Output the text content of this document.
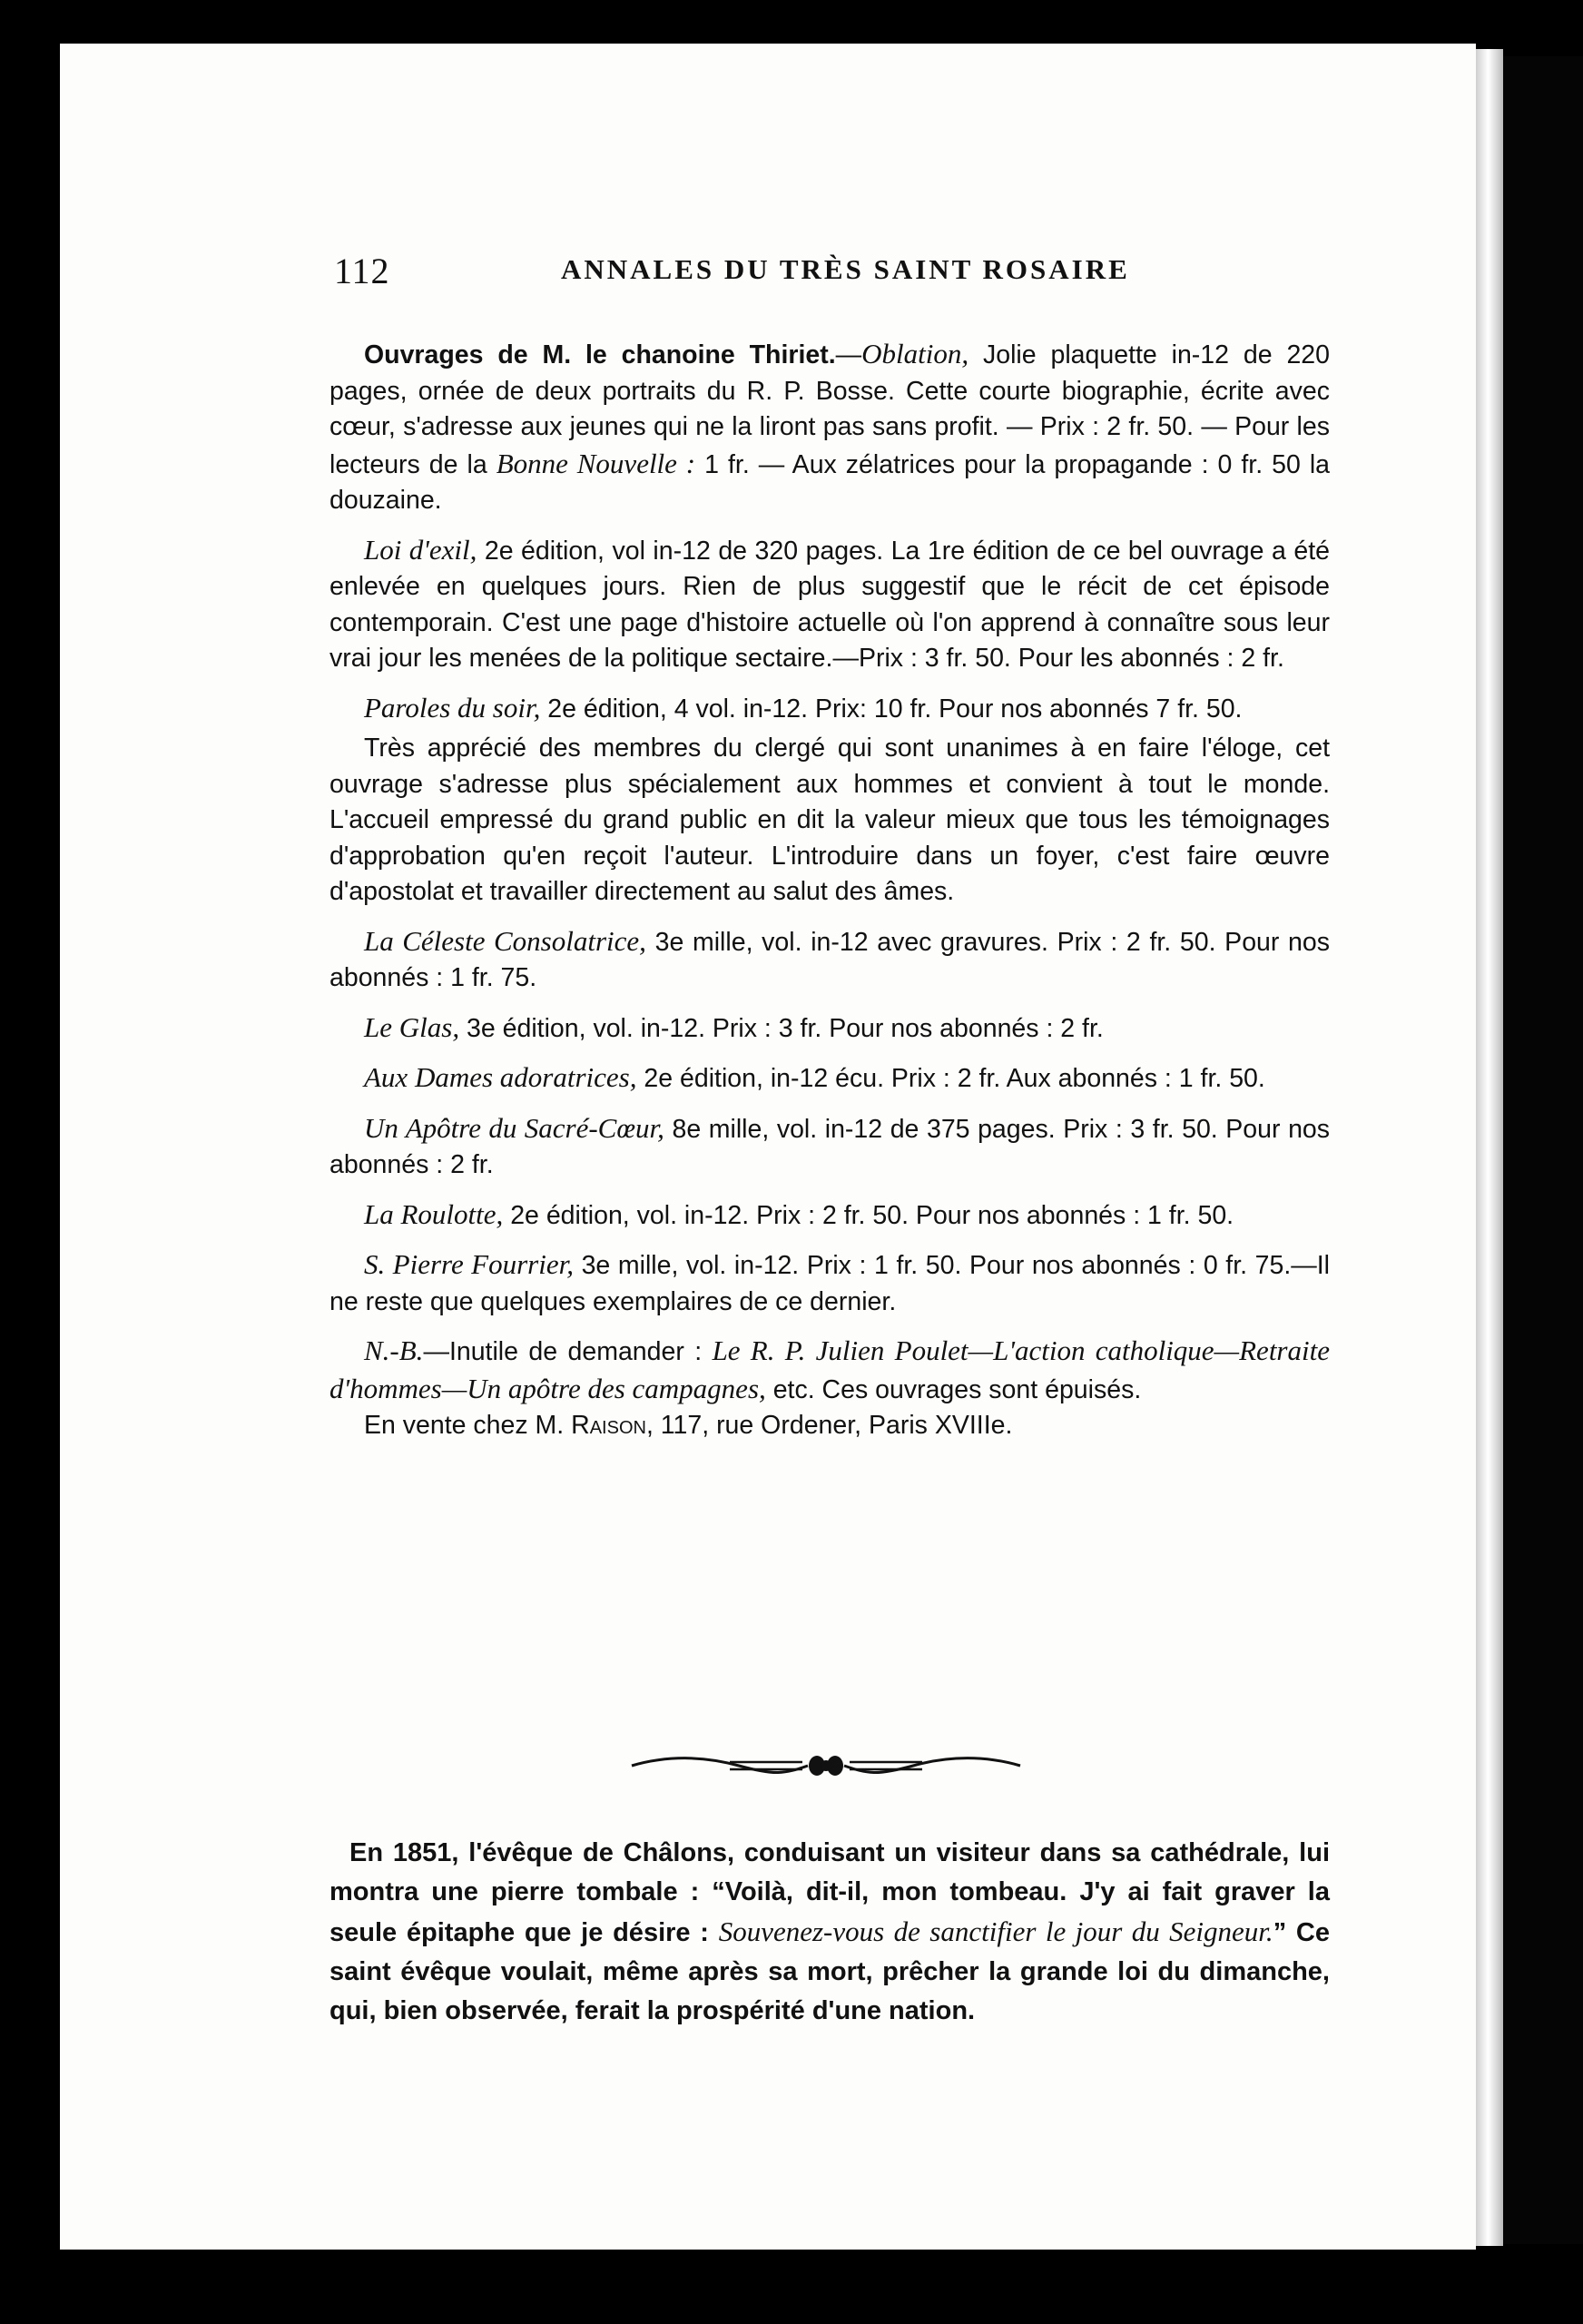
112	ANNALES DU TRÈS SAINT ROSAIRE

Ouvrages de M. le chanoine Thiriet.—Oblation, Jolie plaquette in-12 de 220 pages, ornée de deux portraits du R. P. Bosse. Cette courte biographie, écrite avec cœur, s'adresse aux jeunes qui ne la liront pas sans profit. — Prix : 2 fr. 50. — Pour les lecteurs de la Bonne Nouvelle : 1 fr. — Aux zélatrices pour la propagande : 0 fr. 50 la douzaine.

Loi d'exil, 2e édition, vol in-12 de 320 pages. La 1re édition de ce bel ouvrage a été enlevée en quelques jours. Rien de plus suggestif que le récit de cet épisode contemporain. C'est une page d'histoire actuelle où l'on apprend à connaître sous leur vrai jour les menées de la politique sectaire.—Prix : 3 fr. 50. Pour les abonnés : 2 fr.

Paroles du soir, 2e édition, 4 vol. in-12. Prix: 10 fr. Pour nos abonnés 7 fr. 50.

Très apprécié des membres du clergé qui sont unanimes à en faire l'éloge, cet ouvrage s'adresse plus spécialement aux hommes et convient à tout le monde. L'accueil empressé du grand public en dit la valeur mieux que tous les témoignages d'approbation qu'en reçoit l'auteur. L'introduire dans un foyer, c'est faire œuvre d'apostolat et travailler directement au salut des âmes.

La Céleste Consolatrice, 3e mille, vol. in-12 avec gravures. Prix : 2 fr. 50. Pour nos abonnés : 1 fr. 75.

Le Glas, 3e édition, vol. in-12. Prix : 3 fr. Pour nos abonnés : 2 fr.

Aux Dames adoratrices, 2e édition, in-12 écu. Prix : 2 fr. Aux abonnés : 1 fr. 50.

Un Apôtre du Sacré-Cœur, 8e mille, vol. in-12 de 375 pages. Prix : 3 fr. 50. Pour nos abonnés : 2 fr.

La Roulotte, 2e édition, vol. in-12. Prix : 2 fr. 50. Pour nos abonnés : 1 fr. 50.

S. Pierre Fourrier, 3e mille, vol. in-12. Prix : 1 fr. 50. Pour nos abonnés : 0 fr. 75.—Il ne reste que quelques exemplaires de ce dernier.

N.-B.—Inutile de demander : Le R. P. Julien Poulet—L'action catholique—Retraite d'hommes—Un apôtre des campagnes, etc. Ces ouvrages sont épuisés.

En vente chez M. Raison, 117, rue Ordener, Paris XVIIIe.

En 1851, l'évêque de Châlons, conduisant un visiteur dans sa cathédrale, lui montra une pierre tombale : “Voilà, dit-il, mon tombeau. J'y ai fait graver la seule épitaphe que je désire : Souvenez-vous de sanctifier le jour du Seigneur.” Ce saint évêque voulait, même après sa mort, prêcher la grande loi du dimanche, qui, bien observée, ferait la prospérité d'une nation.
